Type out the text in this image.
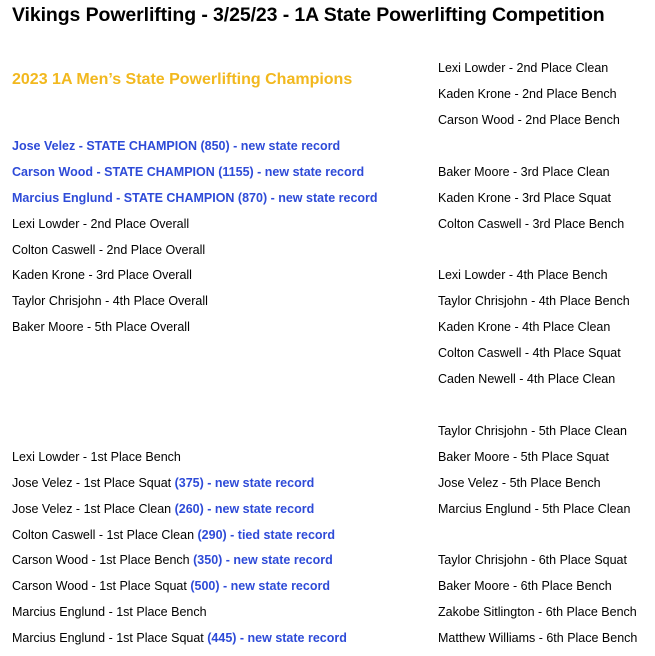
Vikings Powerlifting - 3/25/23 - 1A State Powerlifting Competition
2023 1A Men’s State Powerlifting Champions
Jose Velez - STATE CHAMPION (850) - new state record
Carson Wood - STATE CHAMPION (1155) - new state record
Marcius Englund - STATE CHAMPION (870) - new state record
Lexi Lowder - 2nd Place Overall
Colton Caswell - 2nd Place Overall
Kaden Krone - 3rd Place Overall
Taylor Chrisjohn - 4th Place Overall
Baker Moore - 5th Place Overall
Lexi Lowder - 1st Place Bench
Jose Velez - 1st Place Squat (375) - new state record
Jose Velez - 1st Place Clean (260) - new state record
Colton Caswell - 1st Place Clean (290) - tied state record
Carson Wood - 1st Place Bench (350) - new state record
Carson Wood - 1st Place Squat (500) - new state record
Marcius Englund - 1st Place Bench
Marcius Englund - 1st Place Squat (445) - new state record
Lexi Lowder - 2nd Place Clean
Kaden Krone - 2nd Place Bench
Carson Wood - 2nd Place Bench
Baker Moore - 3rd Place Clean
Kaden Krone - 3rd Place Squat
Colton Caswell - 3rd Place Bench
Lexi Lowder - 4th Place Bench
Taylor Chrisjohn - 4th Place Bench
Kaden Krone - 4th Place Clean
Colton Caswell - 4th Place Squat
Caden Newell - 4th Place Clean
Taylor Chrisjohn - 5th Place Clean
Baker Moore - 5th Place Squat
Jose Velez - 5th Place Bench
Marcius Englund - 5th Place Clean
Taylor Chrisjohn - 6th Place Squat
Baker Moore - 6th Place Bench
Zakobe Sitlington - 6th Place Bench
Matthew Williams - 6th Place Bench
